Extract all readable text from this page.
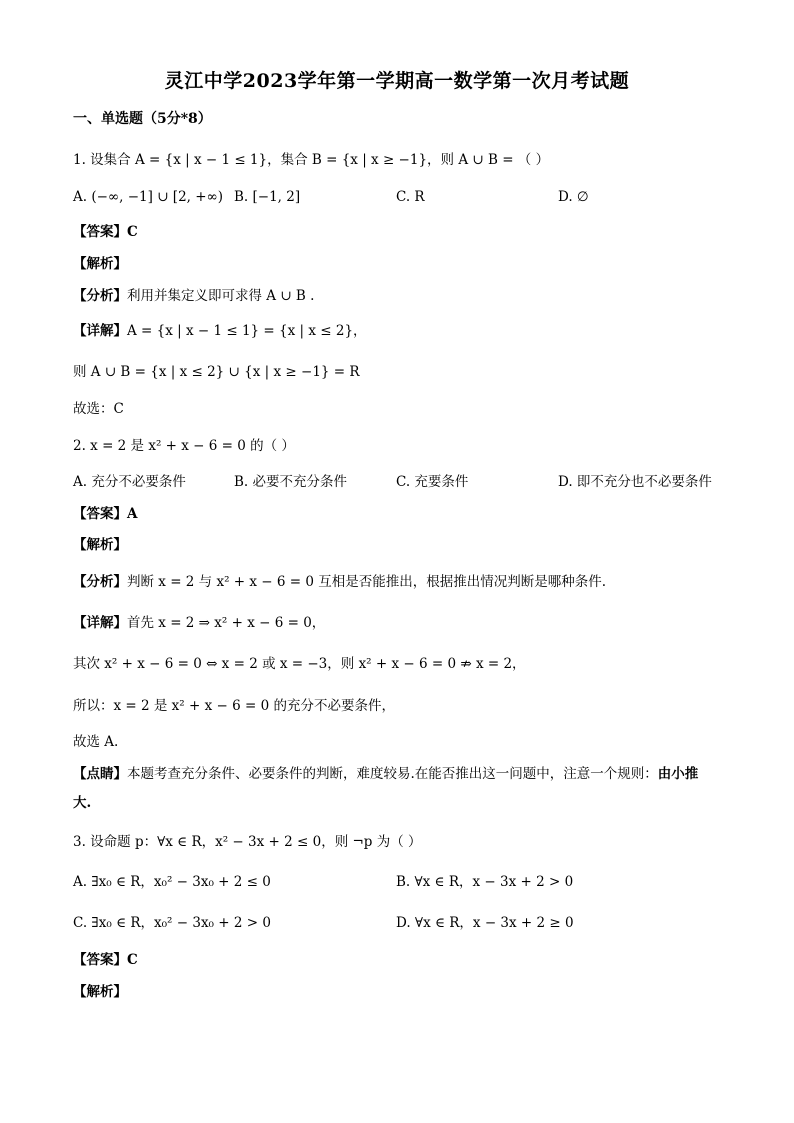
灵江中学2023学年第一学期高一数学第一次月考试题
一、单选题（5分*8）
1. 设集合 A = {x | x − 1 ≤ 1}，集合 B = {x | x ≥ −1}，则 A ∪ B = （ ）
A. (−∞, −1] ∪ [2, +∞) B. [−1, 2]	C. R	D. ∅
【答案】C
【解析】
【分析】利用并集定义即可求得 A ∪ B .
【详解】A = {x | x − 1 ≤ 1} = {x | x ≤ 2}，
则 A ∪ B = {x | x ≤ 2} ∪ {x | x ≥ −1} = R
故选：C
2. x = 2 是 x² + x − 6 = 0 的（ ）
A. 充分不必要条件	B. 必要不充分条件	C. 充要条件	D. 即不充分也不必要条件
【答案】A
【解析】
【分析】判断 x = 2 与 x² + x − 6 = 0 互相是否能推出，根据推出情况判断是哪种条件.
【详解】首先 x = 2 ⇒ x² + x − 6 = 0，
其次 x² + x − 6 = 0 ⇔ x = 2 或 x = −3，则 x² + x − 6 = 0 ⇏ x = 2，
所以：x = 2 是 x² + x − 6 = 0 的充分不必要条件，
故选 A.
【点睛】本题考查充分条件、必要条件的判断，难度较易.在能否推出这一问题中，注意一个规则：由小推
大.
3. 设命题 p：∀x ∈ R，x² − 3x + 2 ≤ 0，则 ¬p 为（ ）
A. ∃x₀ ∈ R，x₀² − 3x₀ + 2 ≤ 0	B. ∀x ∈ R，x − 3x + 2 > 0
C. ∃x₀ ∈ R，x₀² − 3x₀ + 2 > 0	D. ∀x ∈ R，x − 3x + 2 ≥ 0
【答案】C
【解析】
